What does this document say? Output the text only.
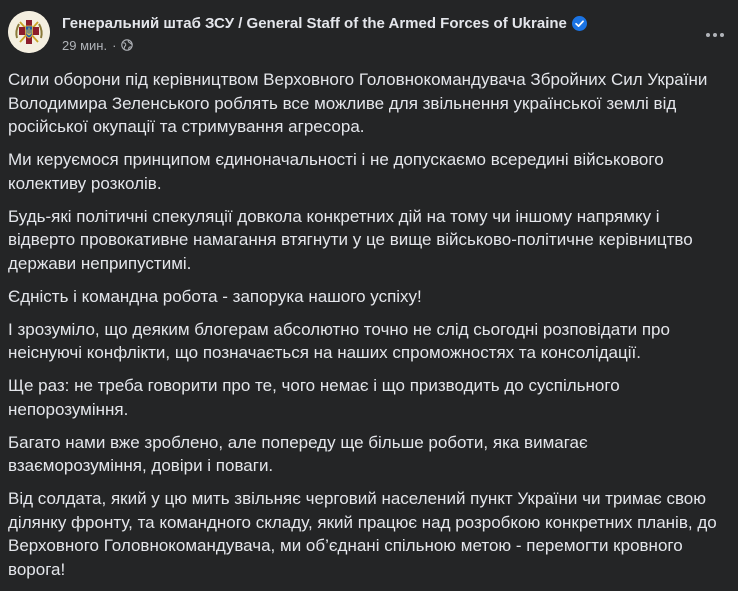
Генеральний штаб ЗСУ / General Staff of the Armed Forces of Ukraine
29 мин. ·

Сили оборони під керівництвом Верховного Головнокомандувача Збройних Сил України Володимира Зеленського роблять все можливе для звільнення української землі від російської окупації та стримування агресора.

Ми керуємося принципом єдиноначальності і не допускаємо всередині військового колективу розколів.

Будь-які політичні спекуляції довкола конкретних дій на тому чи іншому напрямку і відверто провокативне намагання втягнути у це вище військово-політичне керівництво держави неприпустимі.

Єдність і командна робота - запорука нашого успіху!

І зрозуміло, що деяким блогерам абсолютно точно не слід сьогодні розповідати про неіснуючі конфлікти, що позначається на наших спроможностях та консолідації.

Ще раз: не треба говорити про те, чого немає і що призводить до суспільного непорозуміння.

Багато нами вже зроблено, але попереду ще більше роботи, яка вимагає взаєморозуміння, довіри і поваги.

Від солдата, який у цю мить звільняє черговий населений пункт України чи тримає свою ділянку фронту, та командного складу, який працює над розробкою конкретних планів, до Верховного Головнокомандувача, ми об’єднані спільною метою - перемогти кровного ворога!
